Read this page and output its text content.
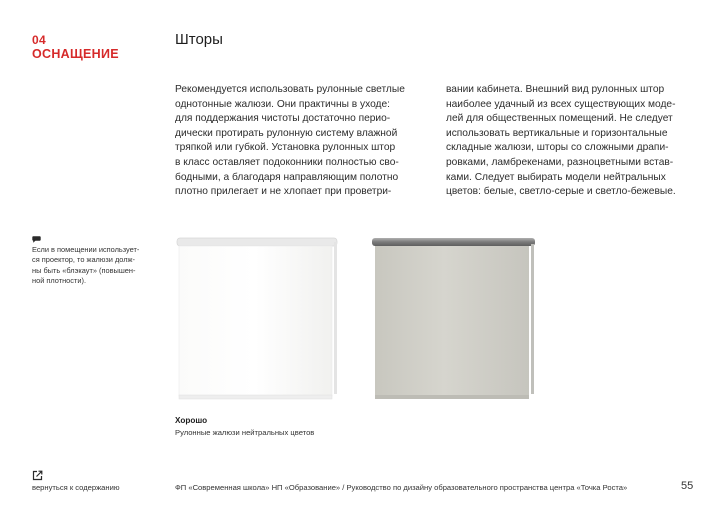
04
ОСНАЩЕНИЕ
Шторы
Рекомендуется использовать рулонные светлые
однотонные жалюзи. Они практичны в уходе:
для поддержания чистоты достаточно перио-
дически протирать рулонную систему влажной
тряпкой или губкой. Установка рулонных штор
в класс оставляет подоконники полностью сво-
бодными, а благодаря направляющим полотно
плотно прилегает и не хлопает при проветри-
вании кабинета. Внешний вид рулонных штор
наиболее удачный из всех существующих моде-
лей для общественных помещений. Не следует
использовать вертикальные и горизонтальные
складные жалюзи, шторы со сложными драпи-
ровками, ламбрекенами, разноцветными встав-
ками. Следует выбирать модели нейтральных
цветов: белые, светло-серые и светло-бежевые.
Если в помещении использует-
ся проектор, то жалюзи долж-
ны быть «блэкаут» (повышен-
ной плотности).
Хорошо
Рулонные жалюзи нейтральных цветов
вернуться к содержанию	ФП «Современная школа» НП «Образование» / Руководство по дизайну образовательного пространства центра «Точка Роста»	55
